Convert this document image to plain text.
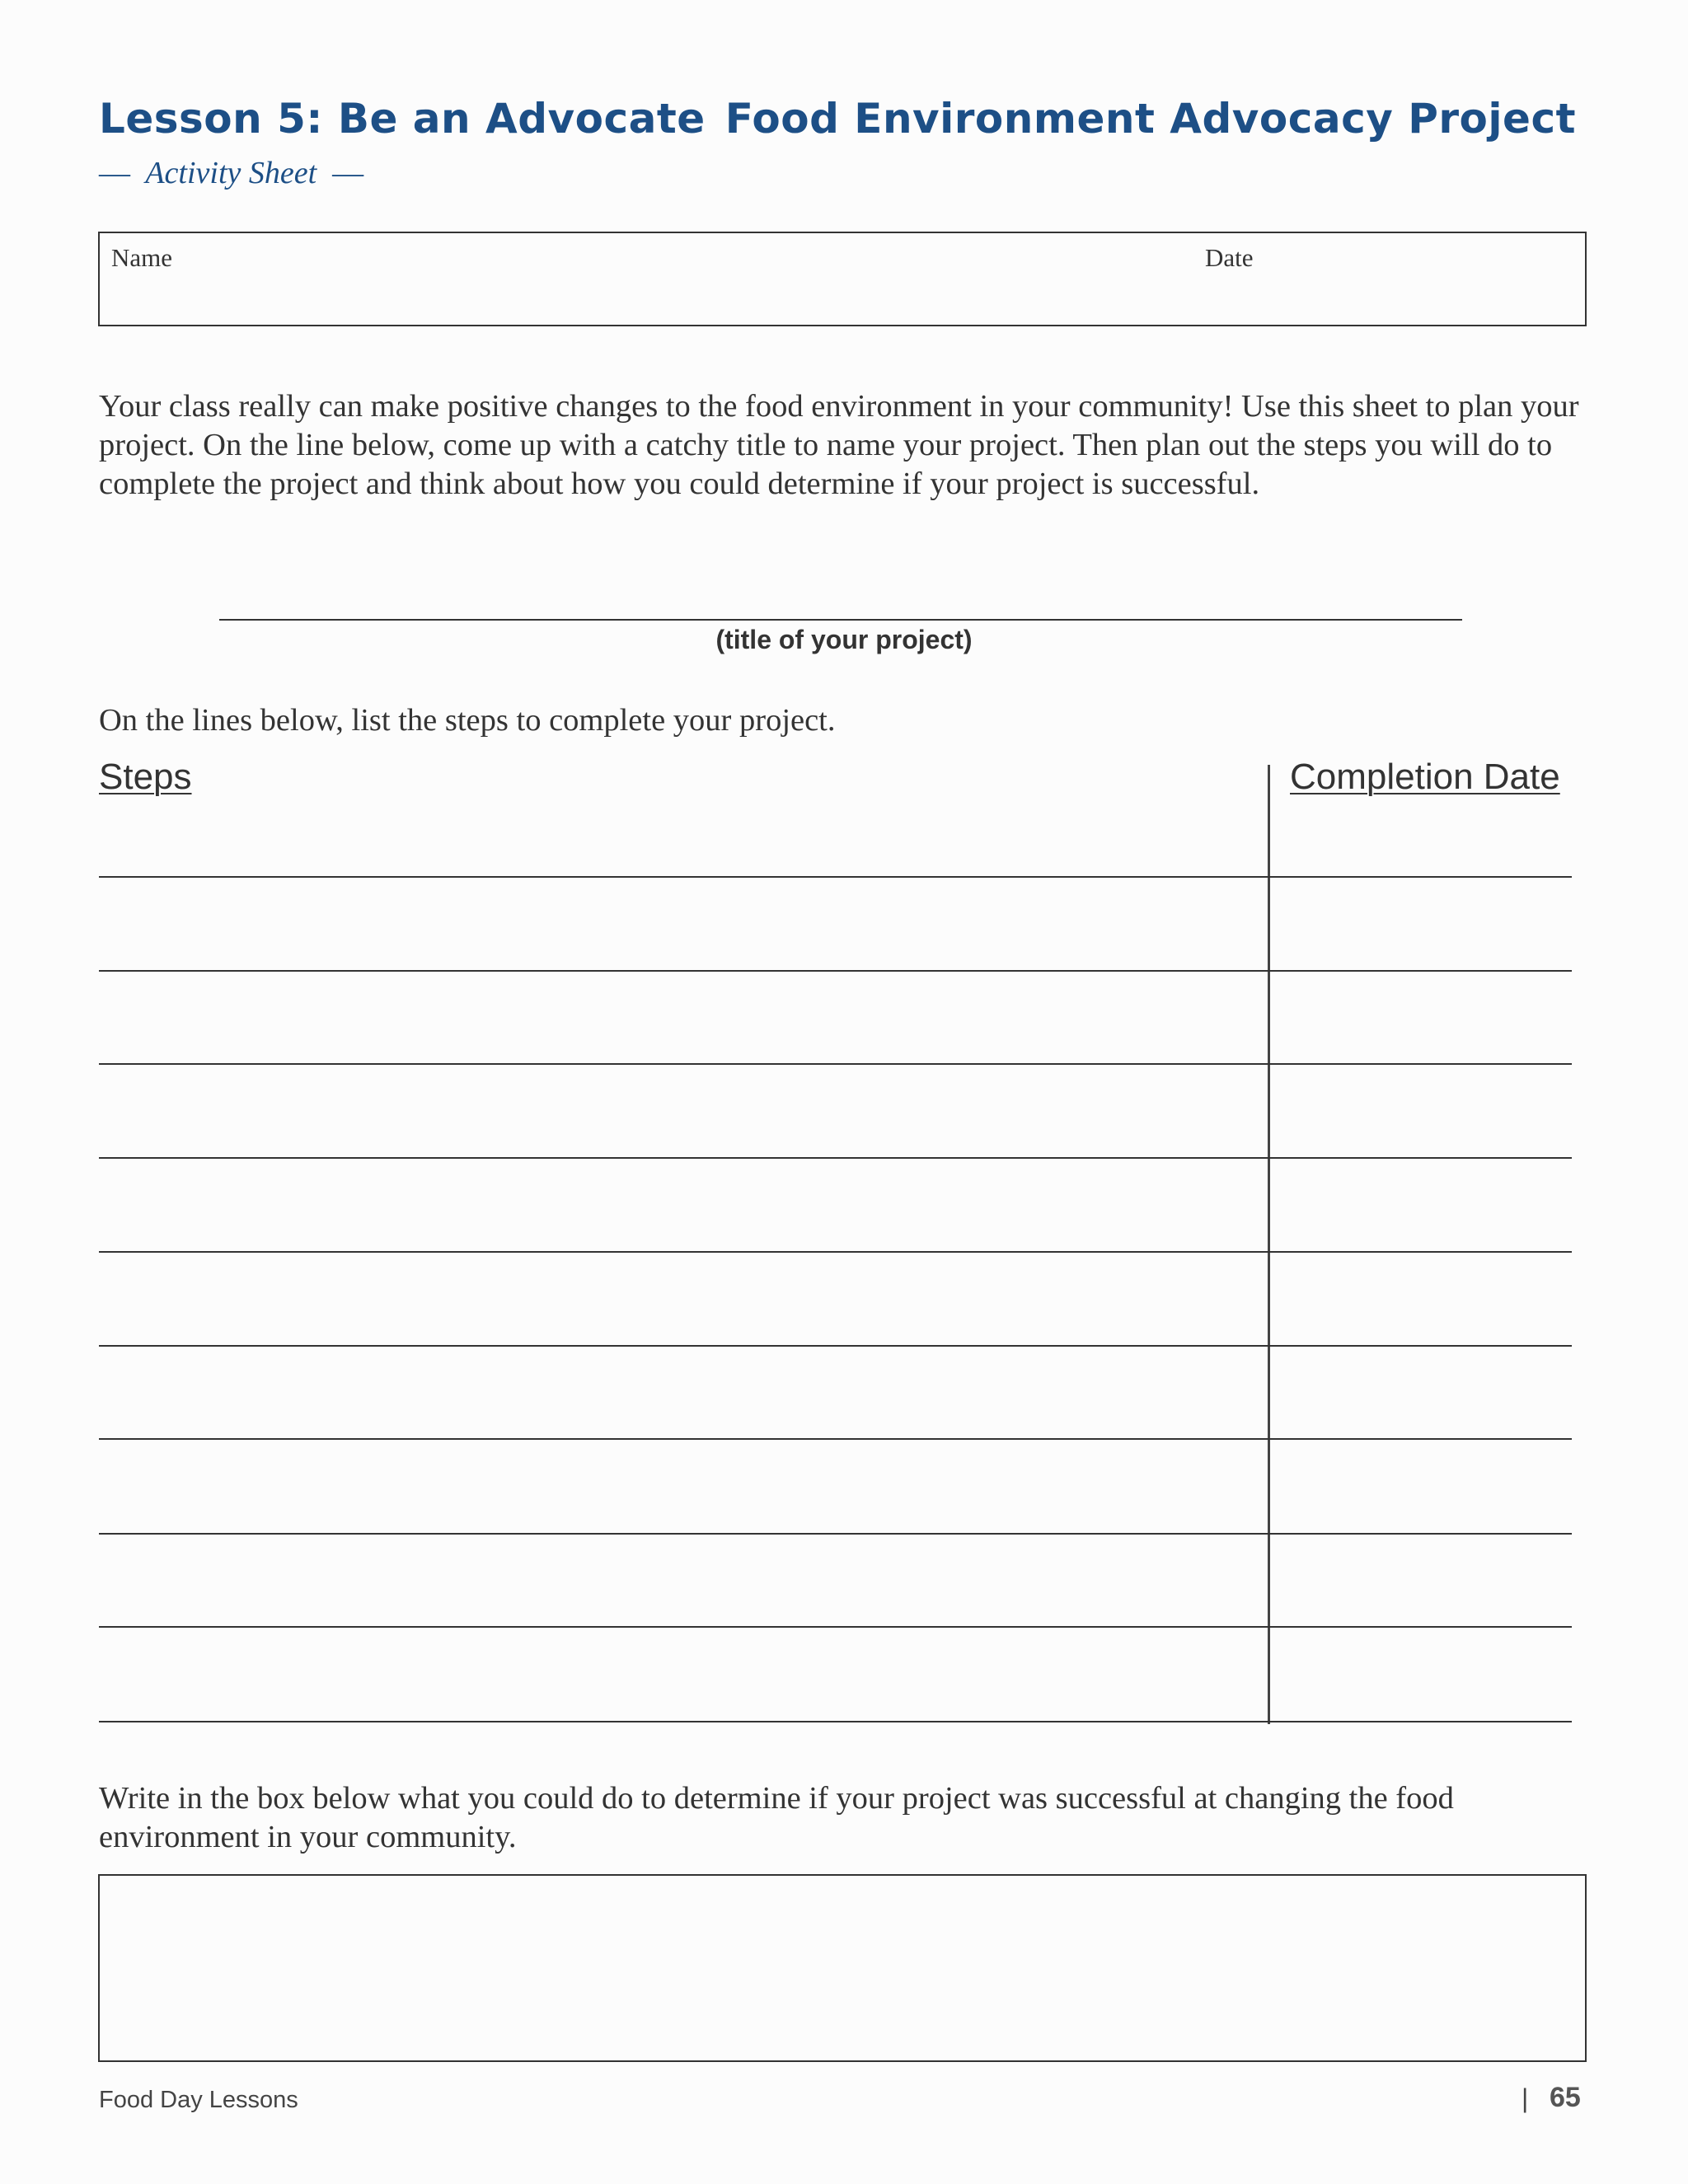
Lesson 5: Be an Advocate
— Activity Sheet —
Food Environment Advocacy Project
Name	Date

Your class really can make positive changes to the food environment in your community! Use this sheet to plan your project. On the line below, come up with a catchy title to name your project. Then plan out the steps you will do to complete the project and think about how you could determine if your project is successful.

(title of your project)

On the lines below, list the steps to complete your project.

Steps	Completion Date

Write in the box below what you could do to determine if your project was successful at changing the food environment in your community.

Food Day Lessons	| 65
